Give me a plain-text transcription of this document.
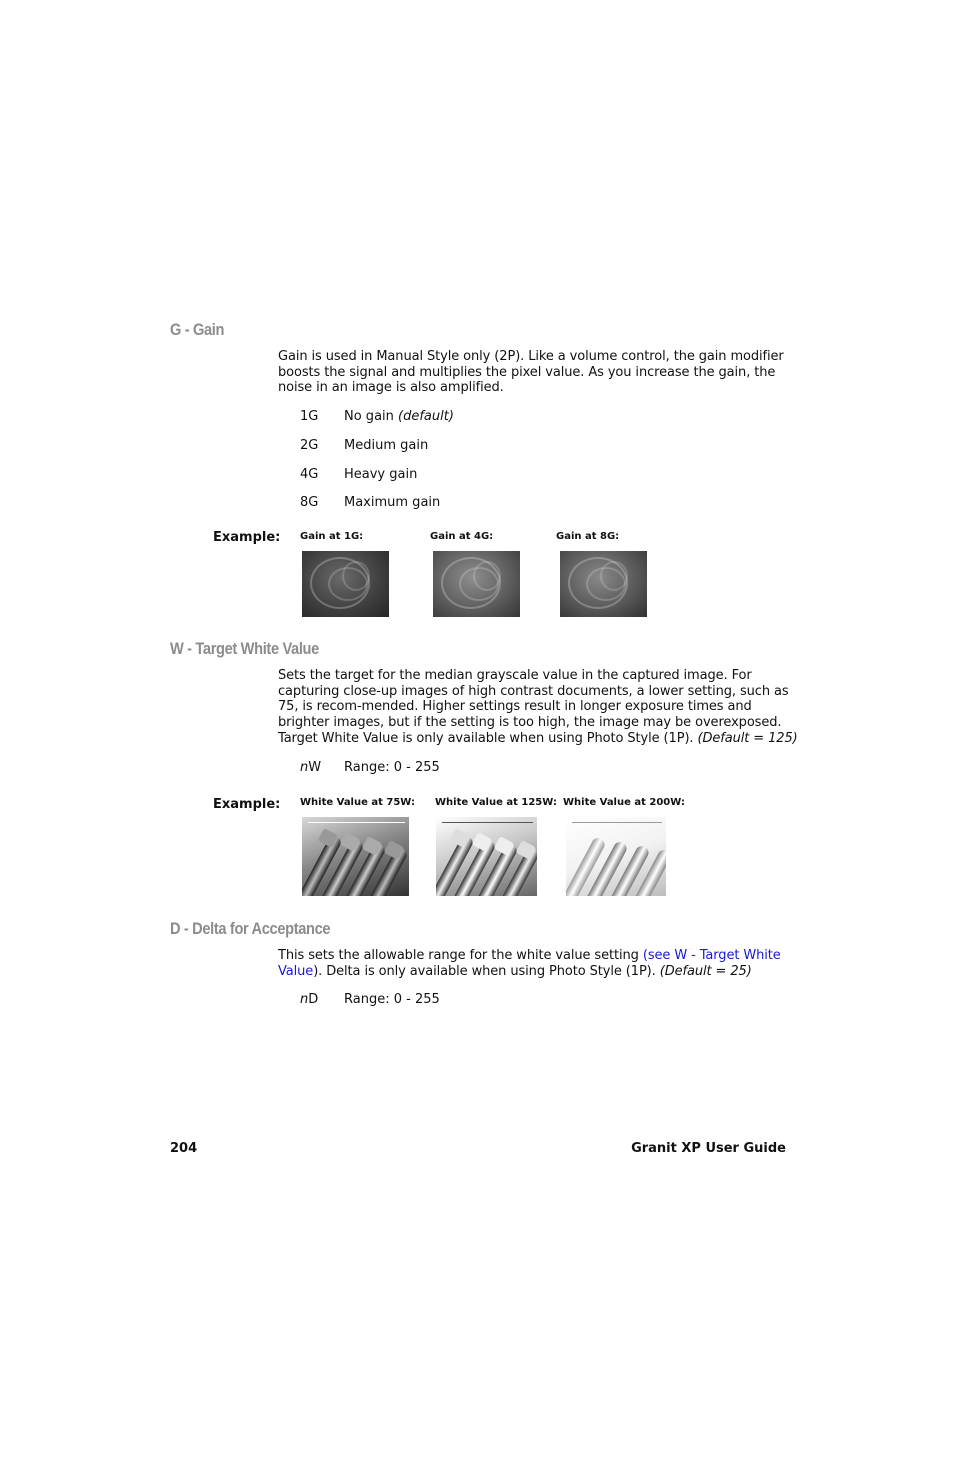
G - Gain
Gain is used in Manual Style only (2P). Like a volume control, the gain modifier boosts the signal and multiplies the pixel value. As you increase the gain, the noise in an image is also amplified.
1G No gain (default)
2G Medium gain
4G Heavy gain
8G Maximum gain
Example: Gain at 1G:	Gain at 4G:	Gain at 8G:
W - Target White Value
Sets the target for the median grayscale value in the captured image. For capturing close-up images of high contrast documents, a lower setting, such as 75, is recom-mended. Higher settings result in longer exposure times and brighter images, but if the setting is too high, the image may be overexposed. Target White Value is only available when using Photo Style (1P). (Default = 125)
nW Range: 0 - 255
Example: White Value at 75W: White Value at 125W: White Value at 200W:
D - Delta for Acceptance
This sets the allowable range for the white value setting (see W - Target White Value). Delta is only available when using Photo Style (1P). (Default = 25)
nD Range: 0 - 255
204	Granit XP User Guide
